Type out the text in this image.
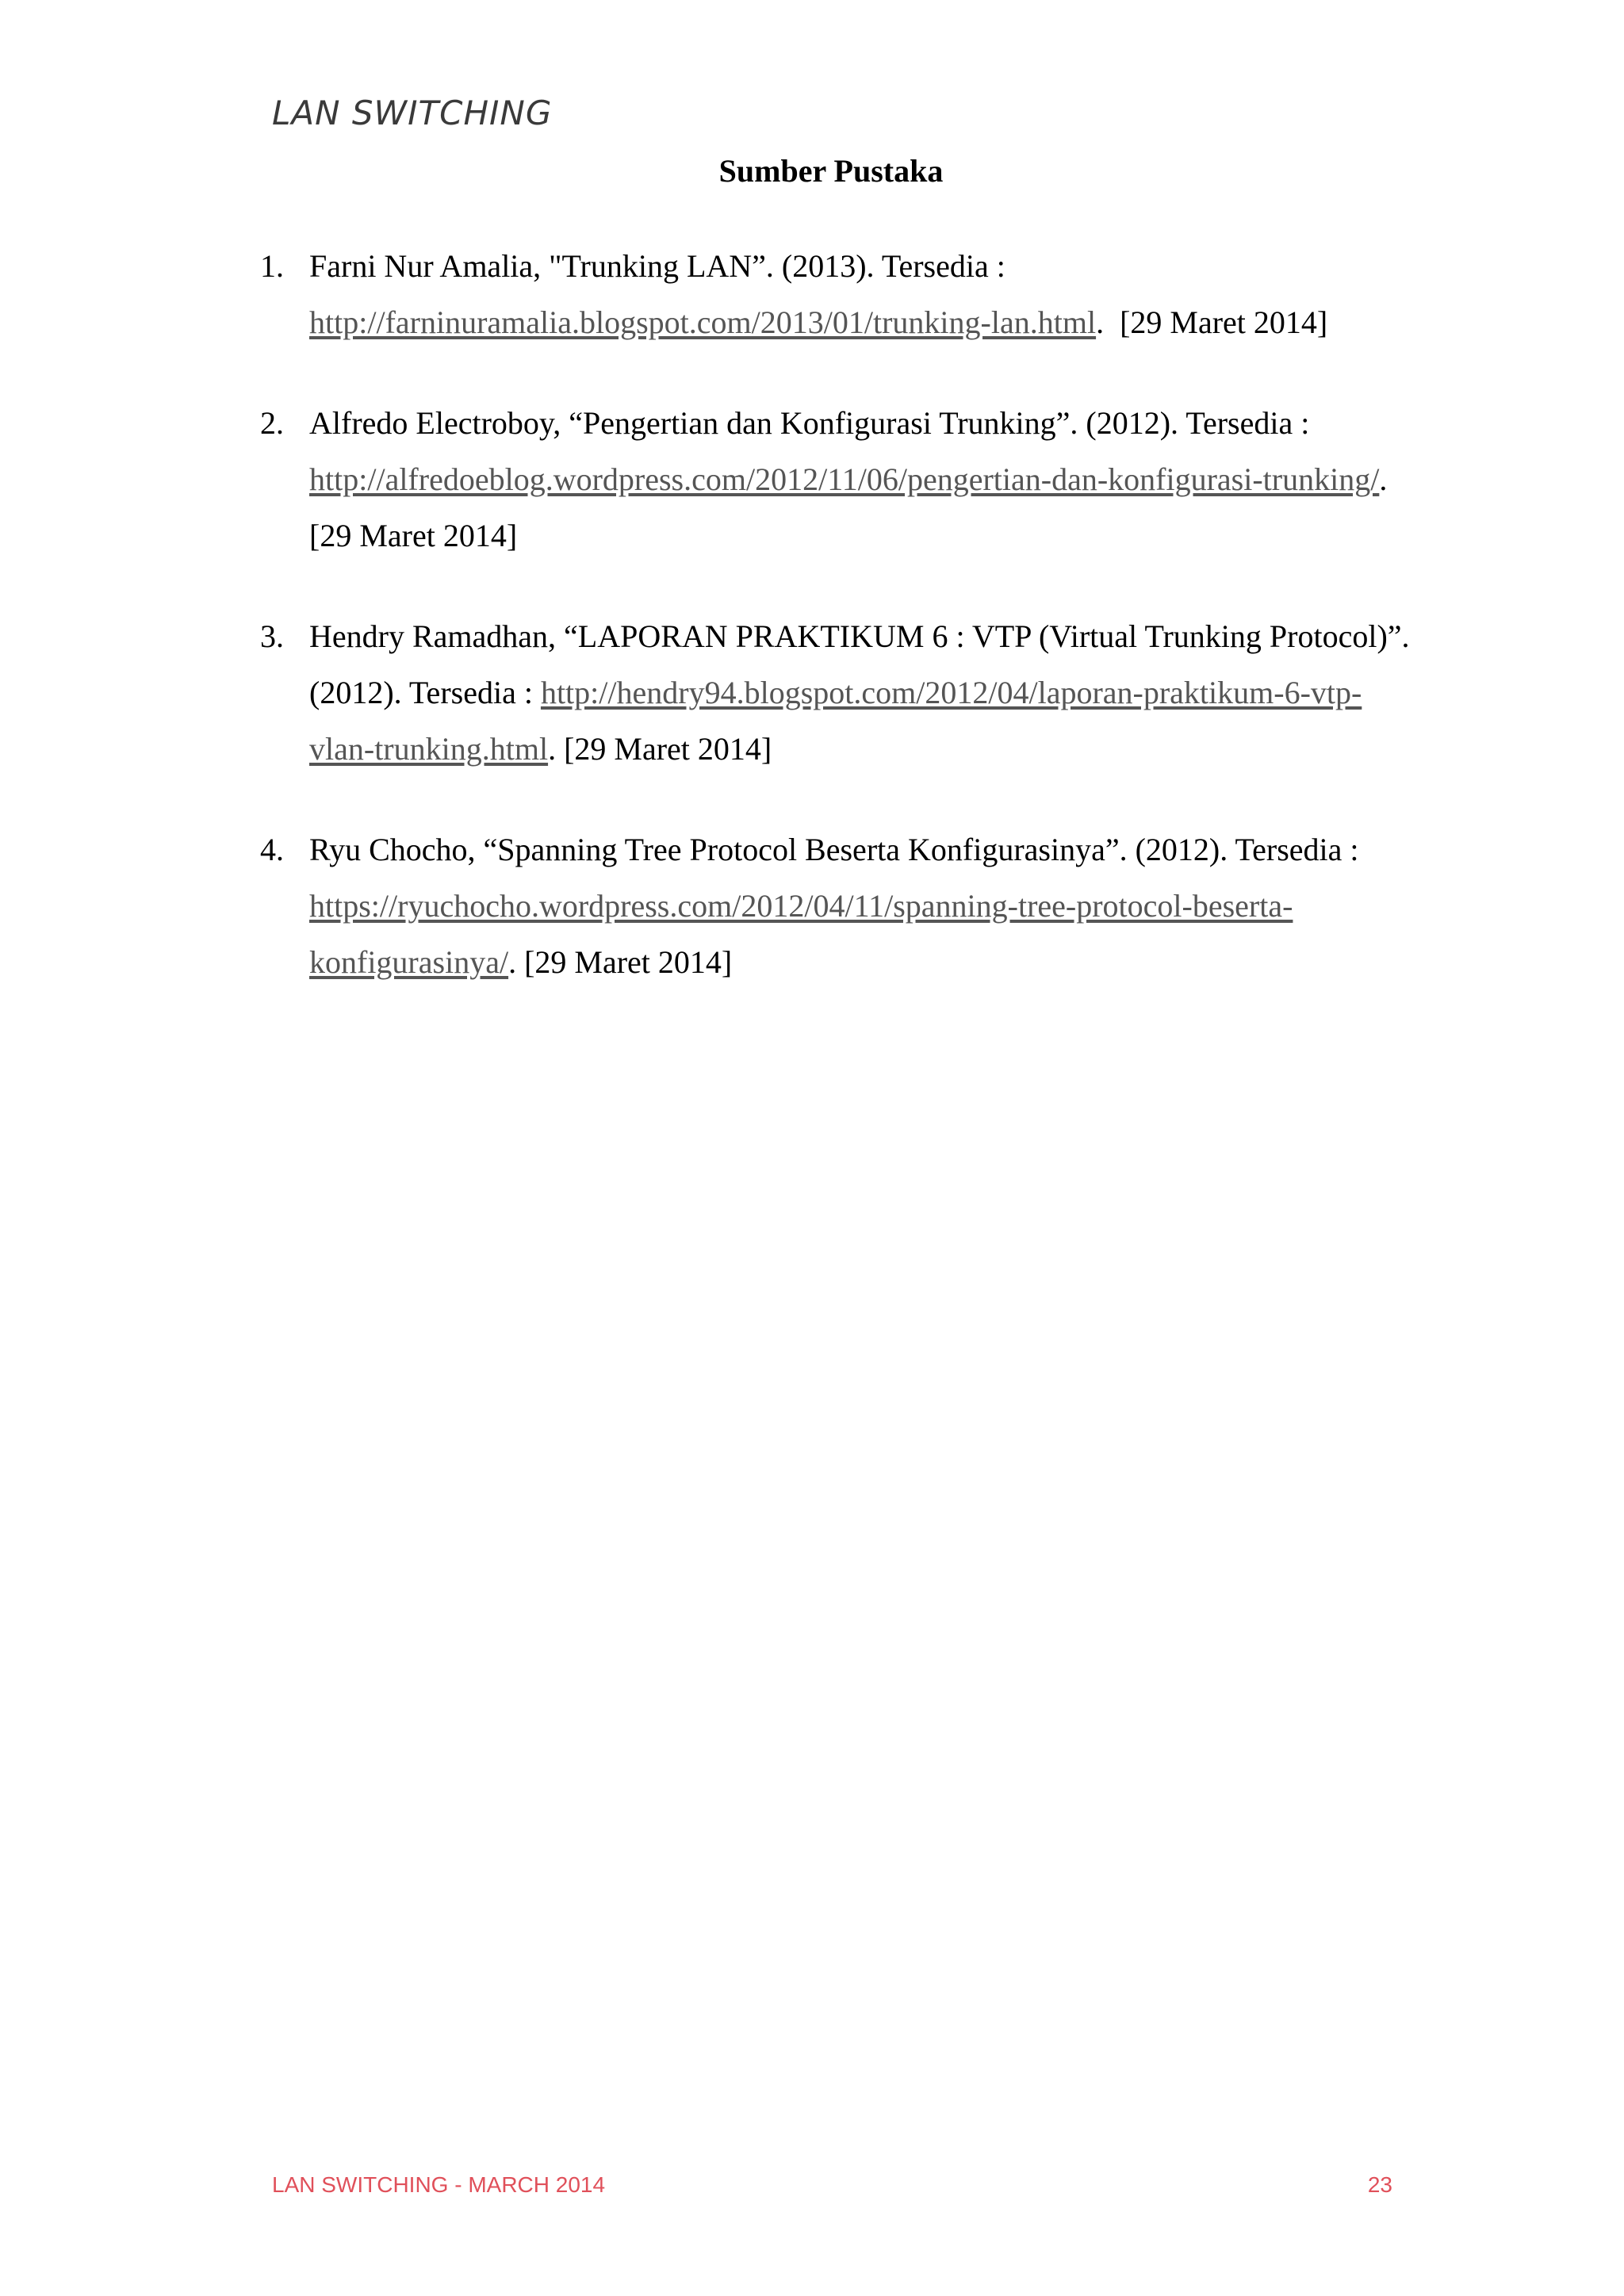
LAN SWITCHING
Sumber Pustaka
1. Farni Nur Amalia, "Trunking LAN”. (2013). Tersedia : http://farninuramalia.blogspot.com/2013/01/trunking-lan.html.  [29 Maret 2014]
2. Alfredo Electroboy, “Pengertian dan Konfigurasi Trunking”. (2012). Tersedia : http://alfredoeblog.wordpress.com/2012/11/06/pengertian-dan-konfigurasi-trunking/. [29 Maret 2014]
3. Hendry Ramadhan, “LAPORAN PRAKTIKUM 6 : VTP (Virtual Trunking Protocol)”. (2012). Tersedia : http://hendry94.blogspot.com/2012/04/laporan-praktikum-6-vtp-vlan-trunking.html. [29 Maret 2014]
4. Ryu Chocho, “Spanning Tree Protocol Beserta Konfigurasinya”. (2012). Tersedia : https://ryuchocho.wordpress.com/2012/04/11/spanning-tree-protocol-beserta-konfigurasinya/. [29 Maret 2014]
LAN SWITCHING - MARCH 2014	23
